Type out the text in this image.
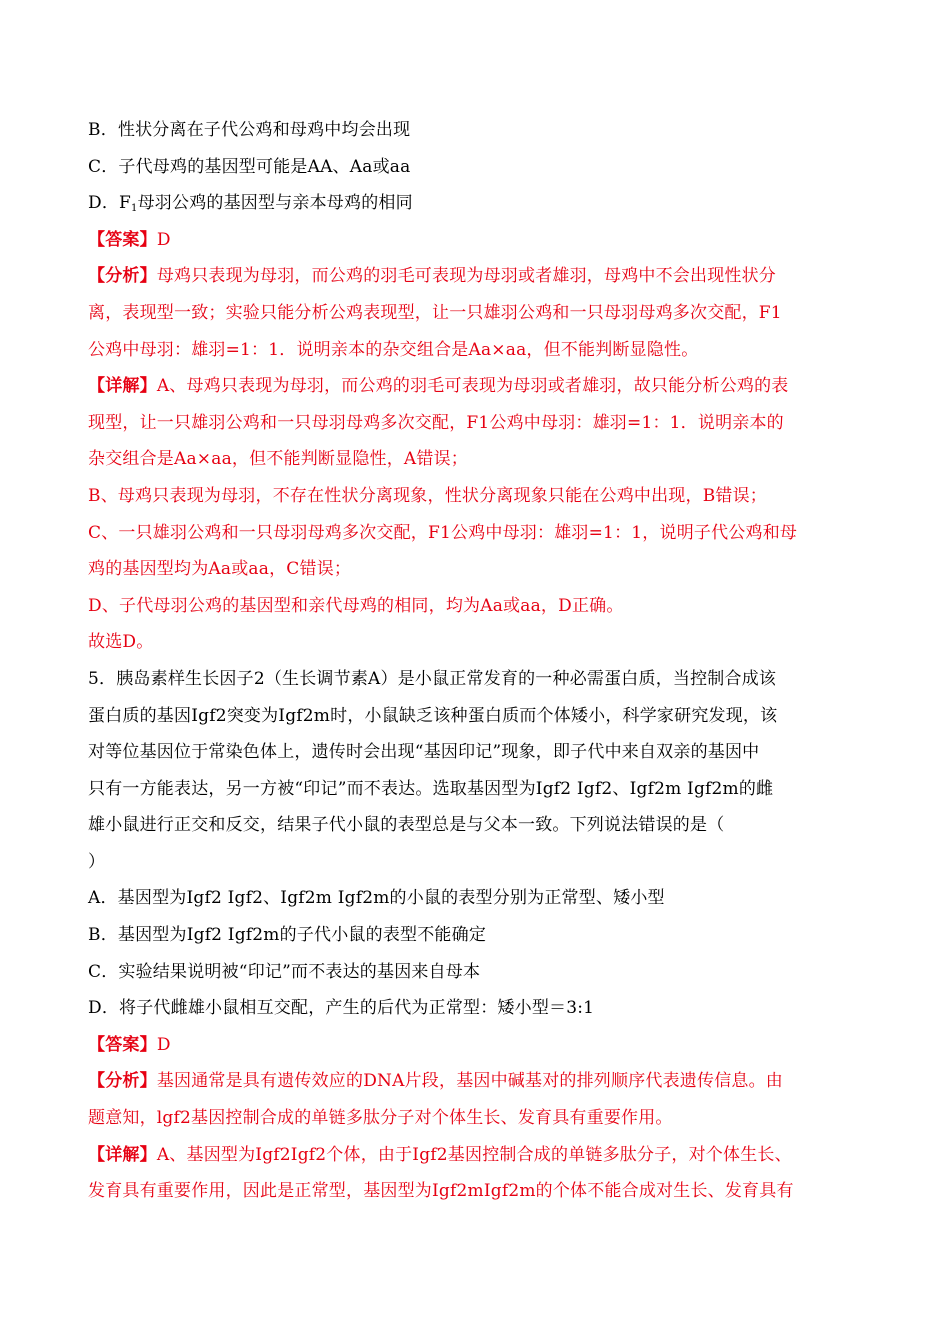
B．性状分离在子代公鸡和母鸡中均会出现
C．子代母鸡的基因型可能是AA、Aa或aa
D．$F_1$母羽公鸡的基因型与亲本母鸡的相同
【答案】D
【分析】母鸡只表现为母羽，而公鸡的羽毛可表现为母羽或者雄羽，母鸡中不会出现性状分
离，表现型一致；实验只能分析公鸡表现型，让一只雄羽公鸡和一只母羽母鸡多次交配，F1
公鸡中母羽：雄羽=1：1．说明亲本的杂交组合是Aa×aa，但不能判断显隐性。
【详解】A、母鸡只表现为母羽，而公鸡的羽毛可表现为母羽或者雄羽，故只能分析公鸡的表
现型，让一只雄羽公鸡和一只母羽母鸡多次交配，F1公鸡中母羽：雄羽=1：1．说明亲本的
杂交组合是Aa×aa，但不能判断显隐性，A错误；
B、母鸡只表现为母羽，不存在性状分离现象，性状分离现象只能在公鸡中出现，B错误；
C、一只雄羽公鸡和一只母羽母鸡多次交配，F1公鸡中母羽：雄羽=1：1，说明子代公鸡和母
鸡的基因型均为Aa或aa，C错误；
D、子代母羽公鸡的基因型和亲代母鸡的相同，均为Aa或aa，D正确。
故选D。
5．胰岛素样生长因子2（生长调节素A）是小鼠正常发育的一种必需蛋白质，当控制合成该
蛋白质的基因Igf2突变为Igf2m时，小鼠缺乏该种蛋白质而个体矮小，科学家研究发现，该
对等位基因位于常染色体上，遗传时会出现“基因印记”现象，即子代中来自双亲的基因中
只有一方能表达，另一方被“印记”而不表达。选取基因型为Igf2 Igf2、Igf2m Igf2m的雌
雄小鼠进行正交和反交，结果子代小鼠的表型总是与父本一致。下列说法错误的是（
）
A．基因型为Igf2 Igf2、Igf2m Igf2m的小鼠的表型分别为正常型、矮小型
B．基因型为Igf2 Igf2m的子代小鼠的表型不能确定
C．实验结果说明被“印记”而不表达的基因来自母本
D．将子代雌雄小鼠相互交配，产生的后代为正常型：矮小型＝3:1
【答案】D
【分析】基因通常是具有遗传效应的DNA片段，基因中碱基对的排列顺序代表遗传信息。由
题意知，lgf2基因控制合成的单链多肽分子对个体生长、发育具有重要作用。
【详解】A、基因型为Igf2Igf2个体，由于Igf2基因控制合成的单链多肽分子，对个体生长、
发育具有重要作用，因此是正常型，基因型为Igf2mIgf2m的个体不能合成对生长、发育具有
